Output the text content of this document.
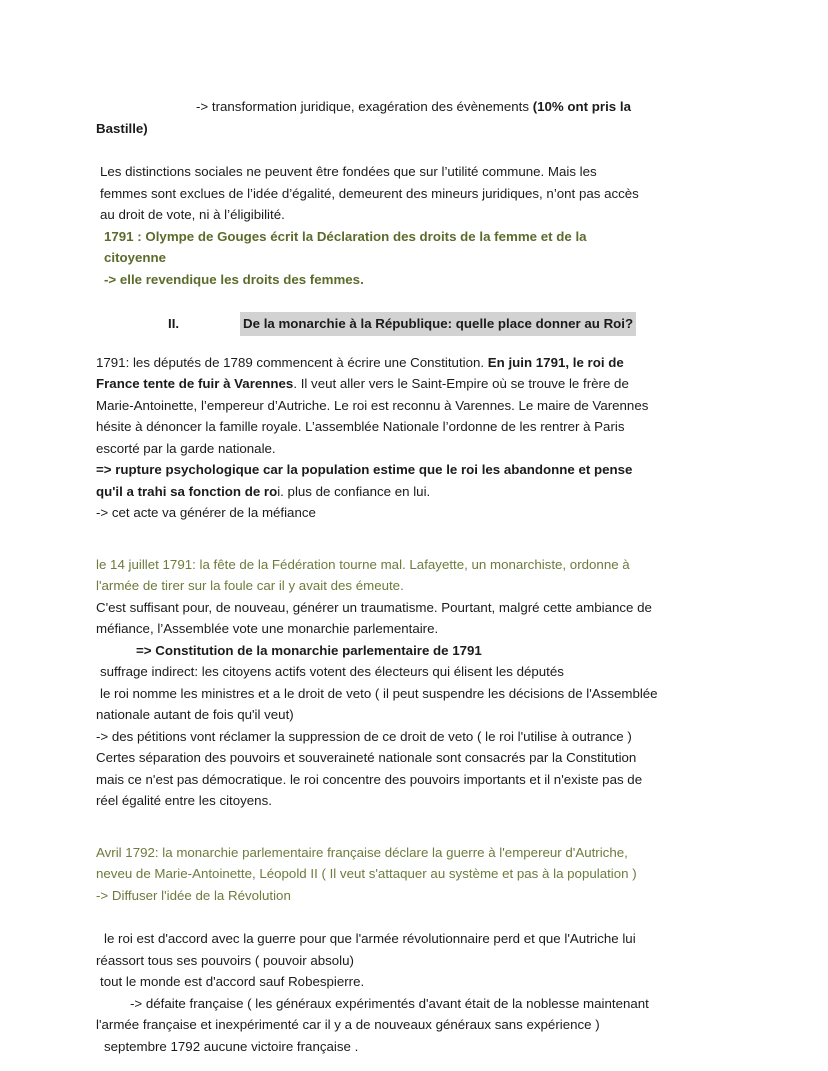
-> transformation juridique, exagération des évènements (10% ont pris la

Bastille)

Les distinctions sociales ne peuvent être fondées que sur l’utilité commune. Mais les

femmes sont exclues de l’idée d’égalité, demeurent des mineurs juridiques, n’ont pas accès

au droit de vote, ni à l’éligibilité.

1791 : Olympe de Gouges écrit la Déclaration des droits de la femme et de la

citoyenne

-> elle revendique les droits des femmes.

II.	De la monarchie à la République: quelle place donner au Roi?

1791: les députés de 1789 commencent à écrire une Constitution. En juin 1791, le roi de

France tente de fuir à Varennes. Il veut aller vers le Saint-Empire où se trouve le frère de

Marie-Antoinette, l’empereur d’Autriche. Le roi est reconnu à Varennes. Le maire de Varennes

hésite à dénoncer la famille royale. L’assemblée Nationale l’ordonne de les rentrer à Paris

escorté par la garde nationale.

=> rupture psychologique car la population estime que le roi les abandonne et pense

qu'il a trahi sa fonction de roi. plus de confiance en lui.

-> cet acte va générer de la méfiance

le 14 juillet 1791: la fête de la Fédération tourne mal. Lafayette, un monarchiste, ordonne à

l'armée de tirer sur la foule car il y avait des émeute.

C'est suffisant pour, de nouveau, générer un traumatisme. Pourtant, malgré cette ambiance de

méfiance, l’Assemblée vote une monarchie parlementaire.

=> Constitution de la monarchie parlementaire de 1791

suffrage indirect: les citoyens actifs votent des électeurs qui élisent les députés

le roi nomme les ministres et a le droit de veto ( il peut suspendre les décisions de l'Assemblée

nationale autant de fois qu'il veut)

-> des pétitions vont réclamer la suppression de ce droit de veto ( le roi l'utilise à outrance )

Certes séparation des pouvoirs et souveraineté nationale sont consacrés par la Constitution

mais ce n'est pas démocratique. le roi concentre des pouvoirs importants et il n'existe pas de

réel égalité entre les citoyens.

Avril 1792: la monarchie parlementaire française déclare la guerre à l'empereur d'Autriche,

neveu de Marie-Antoinette, Léopold II ( Il veut s'attaquer au système et pas à la population )

-> Diffuser l'idée de la Révolution

le roi est d'accord avec la guerre pour que l'armée révolutionnaire perd et que l'Autriche lui

réassort tous ses pouvoirs ( pouvoir absolu)

tout le monde est d'accord sauf Robespierre.

-> défaite française ( les généraux expérimentés d'avant était de la noblesse maintenant

l'armée française et inexpérimenté car il y a de nouveaux généraux sans expérience )

septembre 1792 aucune victoire française .
